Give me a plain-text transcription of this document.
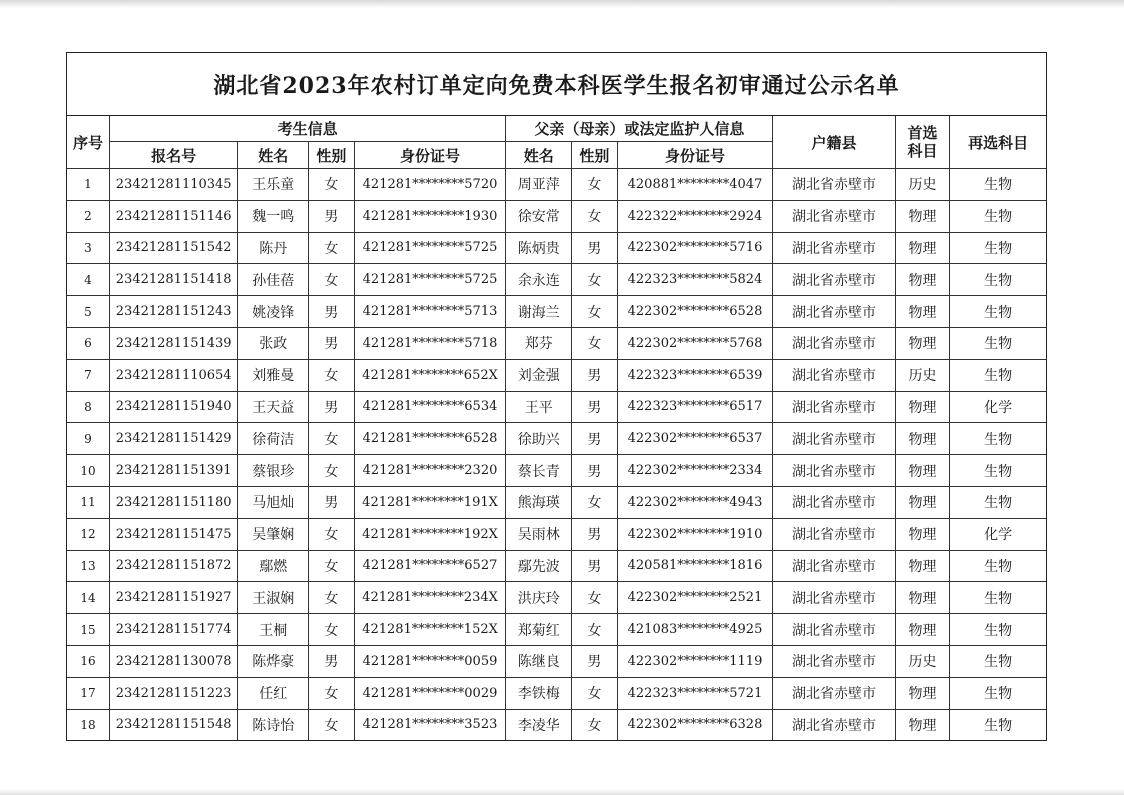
湖北省2023年农村订单定向免费本科医学生报名初审通过公示名单
序号	考生信息				父亲（母亲）或法定监护人信息			户籍县	首选科目	再选科目
	报名号	姓名	性别	身份证号	姓名	性别	身份证号			
1	23421281110345	王乐童	女	421281********5720	周亚萍	女	420881********4047	湖北省赤壁市	历史	生物
2	23421281151146	魏一鸣	男	421281********1930	徐安常	女	422322********2924	湖北省赤壁市	物理	生物
3	23421281151542	陈丹	女	421281********5725	陈炳贵	男	422302********5716	湖北省赤壁市	物理	生物
4	23421281151418	孙佳蓓	女	421281********5725	余永连	女	422323********5824	湖北省赤壁市	物理	生物
5	23421281151243	姚凌锋	男	421281********5713	谢海兰	女	422302********6528	湖北省赤壁市	物理	生物
6	23421281151439	张政	男	421281********5718	郑芬	女	422302********5768	湖北省赤壁市	物理	生物
7	23421281110654	刘雅曼	女	421281********652X	刘金强	男	422323********6539	湖北省赤壁市	历史	生物
8	23421281151940	王天益	男	421281********6534	王平	男	422323********6517	湖北省赤壁市	物理	化学
9	23421281151429	徐荷洁	女	421281********6528	徐助兴	男	422302********6537	湖北省赤壁市	物理	生物
10	23421281151391	蔡银珍	女	421281********2320	蔡长青	男	422302********2334	湖北省赤壁市	物理	生物
11	23421281151180	马旭灿	男	421281********191X	熊海瑛	女	422302********4943	湖北省赤壁市	物理	生物
12	23421281151475	吴肇娴	女	421281********192X	吴雨林	男	422302********1910	湖北省赤壁市	物理	化学
13	23421281151872	鄢燃	女	421281********6527	鄢先波	男	420581********1816	湖北省赤壁市	物理	生物
14	23421281151927	王淑娴	女	421281********234X	洪庆玲	女	422302********2521	湖北省赤壁市	物理	生物
15	23421281151774	王桐	女	421281********152X	郑菊红	女	421083********4925	湖北省赤壁市	物理	生物
16	23421281130078	陈烨豪	男	421281********0059	陈继良	男	422302********1119	湖北省赤壁市	历史	生物
17	23421281151223	任红	女	421281********0029	李铁梅	女	422323********5721	湖北省赤壁市	物理	生物
18	23421281151548	陈诗怡	女	421281********3523	李凌华	女	422302********6328	湖北省赤壁市	物理	生物
